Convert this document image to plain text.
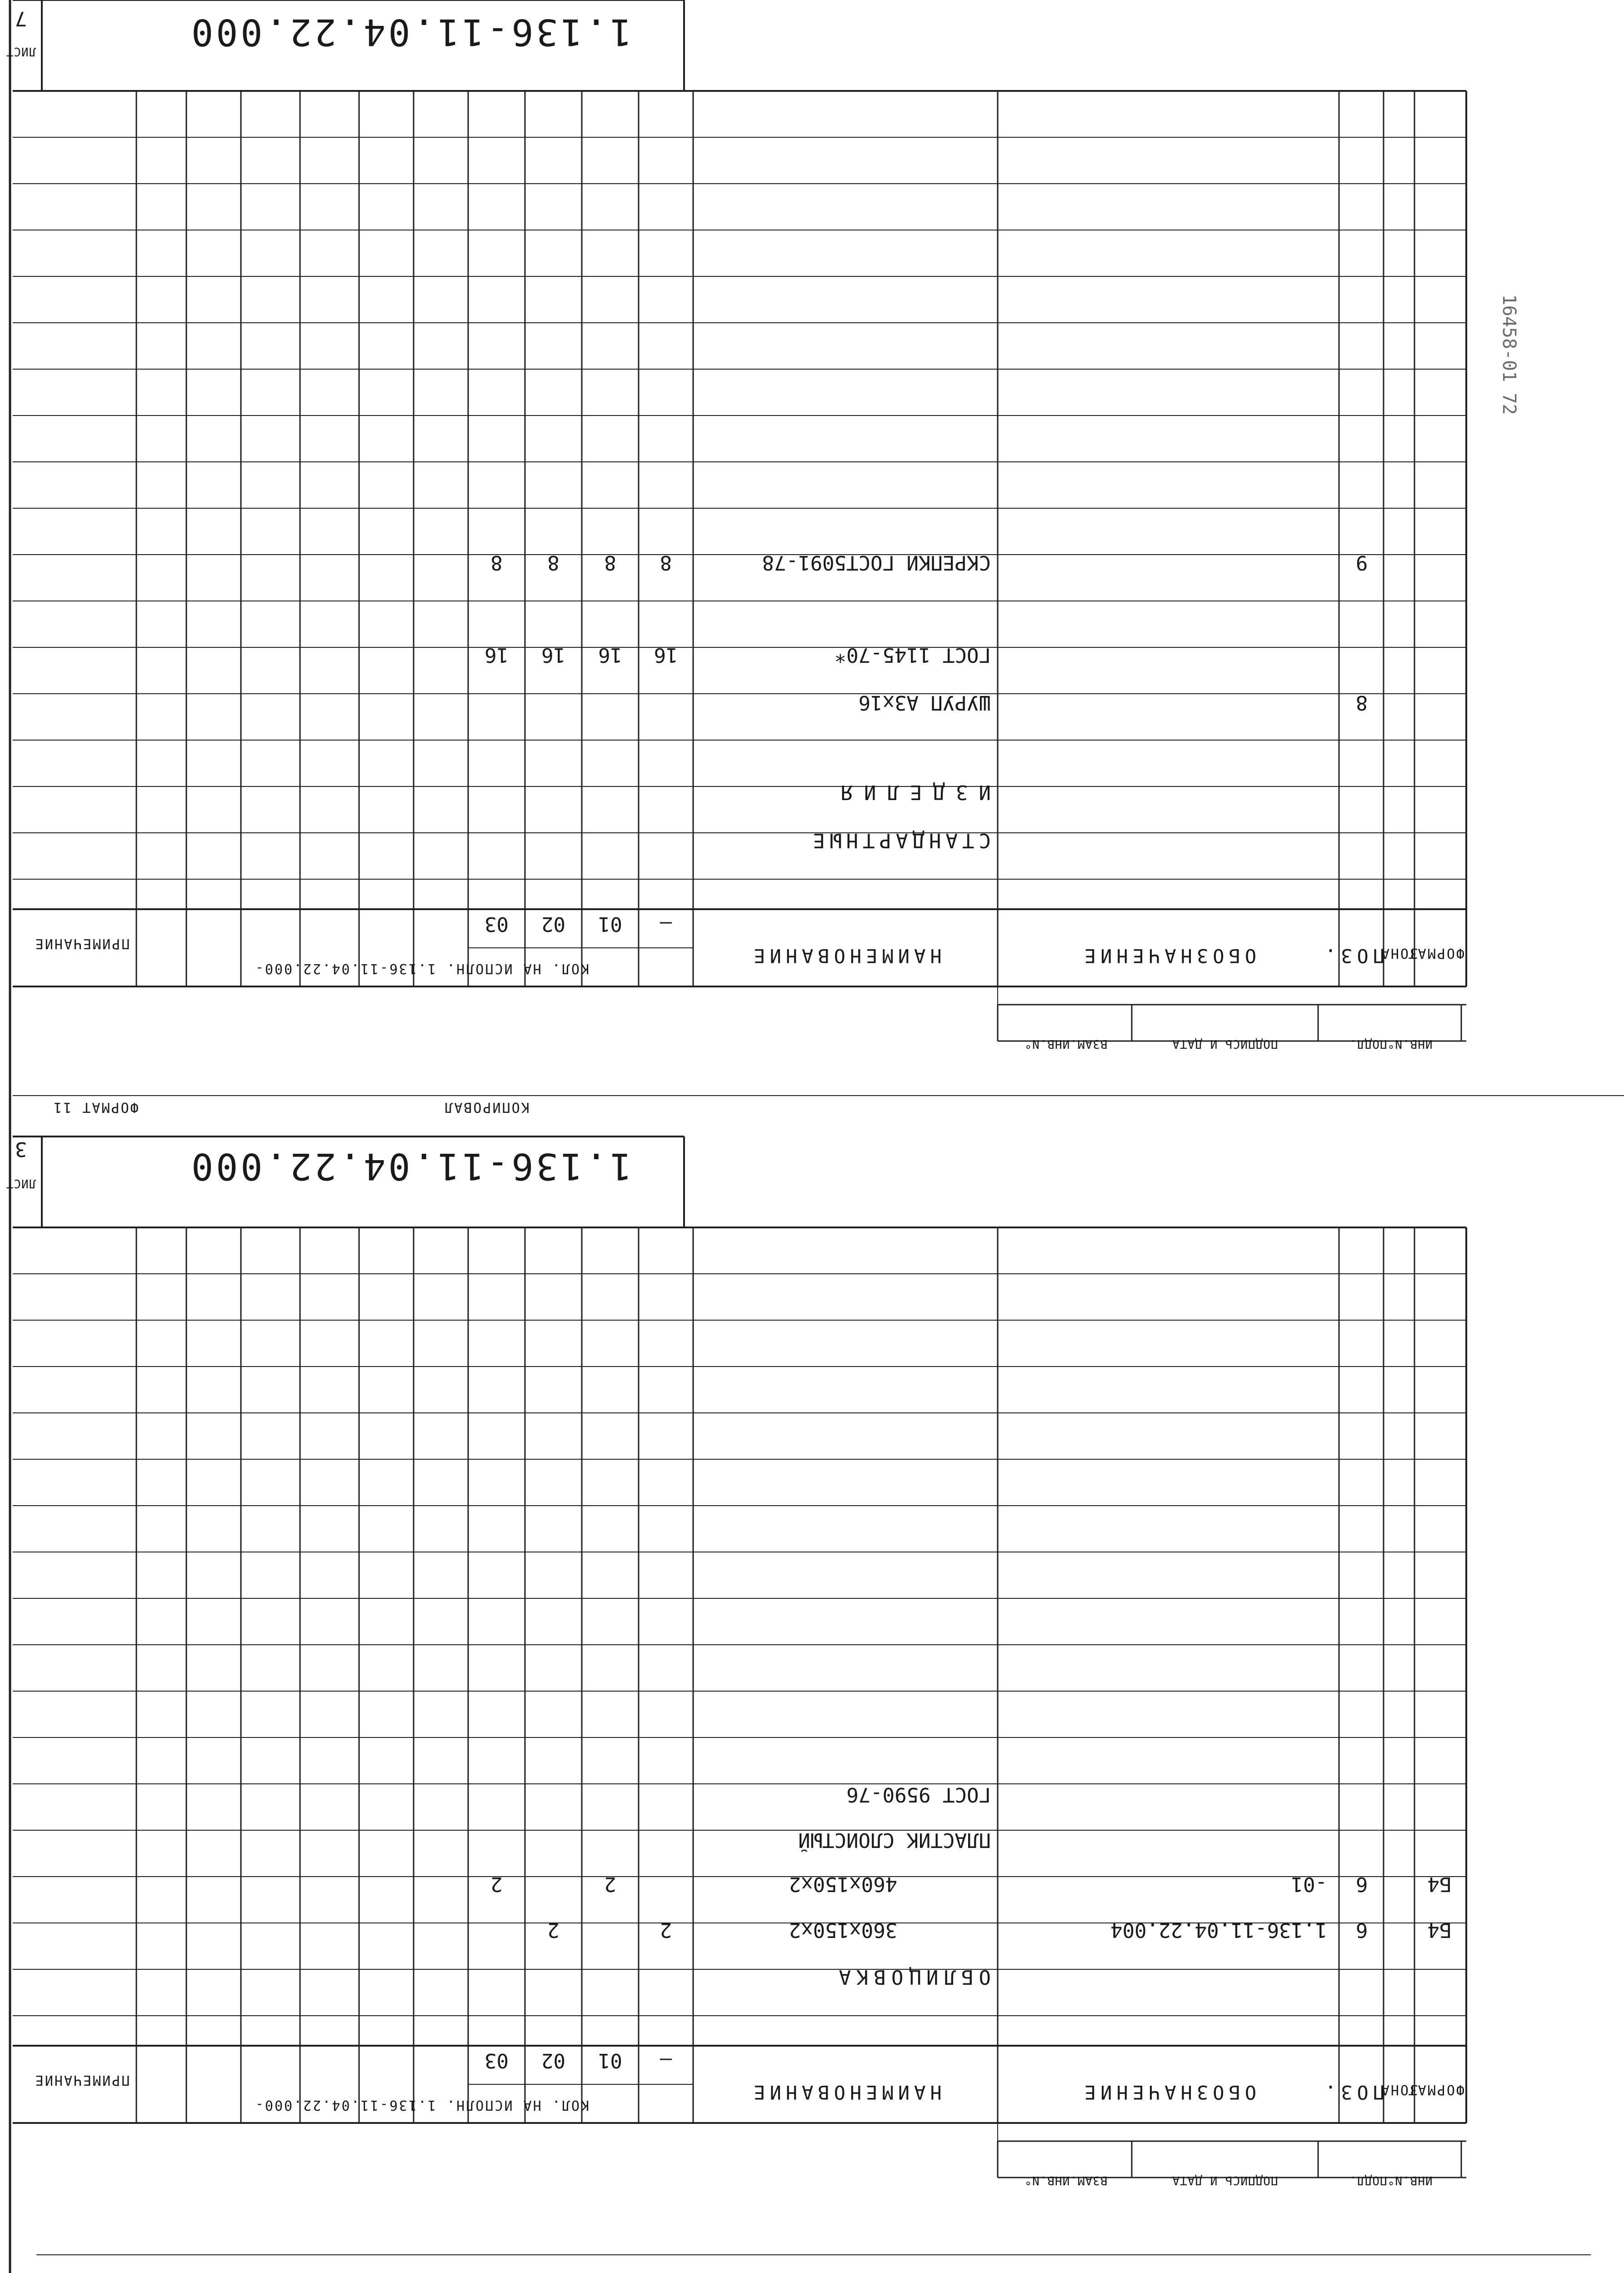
1.136-11.04.22.000
7
ЛИСТ
ИНВ.N°ПОДЛ.
ПОДПИСЬ И ДАТА
ВЗАМ.ИНВ.N°
ФОРМАТ
ЗОНА
ПОЗ.
ОБОЗНАЧЕНИЕ
НАИМЕНОВАНИЕ
КОЛ. НА ИСПОЛН. 1.136-11.04.22.000-
–
01
02
03
ПРИМЕЧАНИЕ
СТАНДАРТНЫЕ
ИЗДЕЛИЯ
8
ШУРУП А3х16
ГОСТ 1145-70*
16
16
16
16
9
СКРЕПКИ ГОСТ5091-78
8
8
8
8
16458-01 72
КОПИРОВАЛ
ФОРМАТ 11
1.136-11.04.22.000
3
ЛИСТ
ИНВ.N°ПОДЛ.
ПОДПИСЬ И ДАТА
ВЗАМ.ИНВ.N°
ФОРМАТ
ЗОНА
ПОЗ.
ОБОЗНАЧЕНИЕ
НАИМЕНОВАНИЕ
КОЛ. НА ИСПОЛН. 1.136-11.04.22.000-
–
01
02
03
ПРИМЕЧАНИЕ
ОБЛИЦОВКА
Б4
6
1.136-11.04.22.004
360х150х2
2
2
Б4
6
-01
460х150х2
2
2
ПЛАСТИК СЛОИСТЫЙ
ГОСТ 9590-76
